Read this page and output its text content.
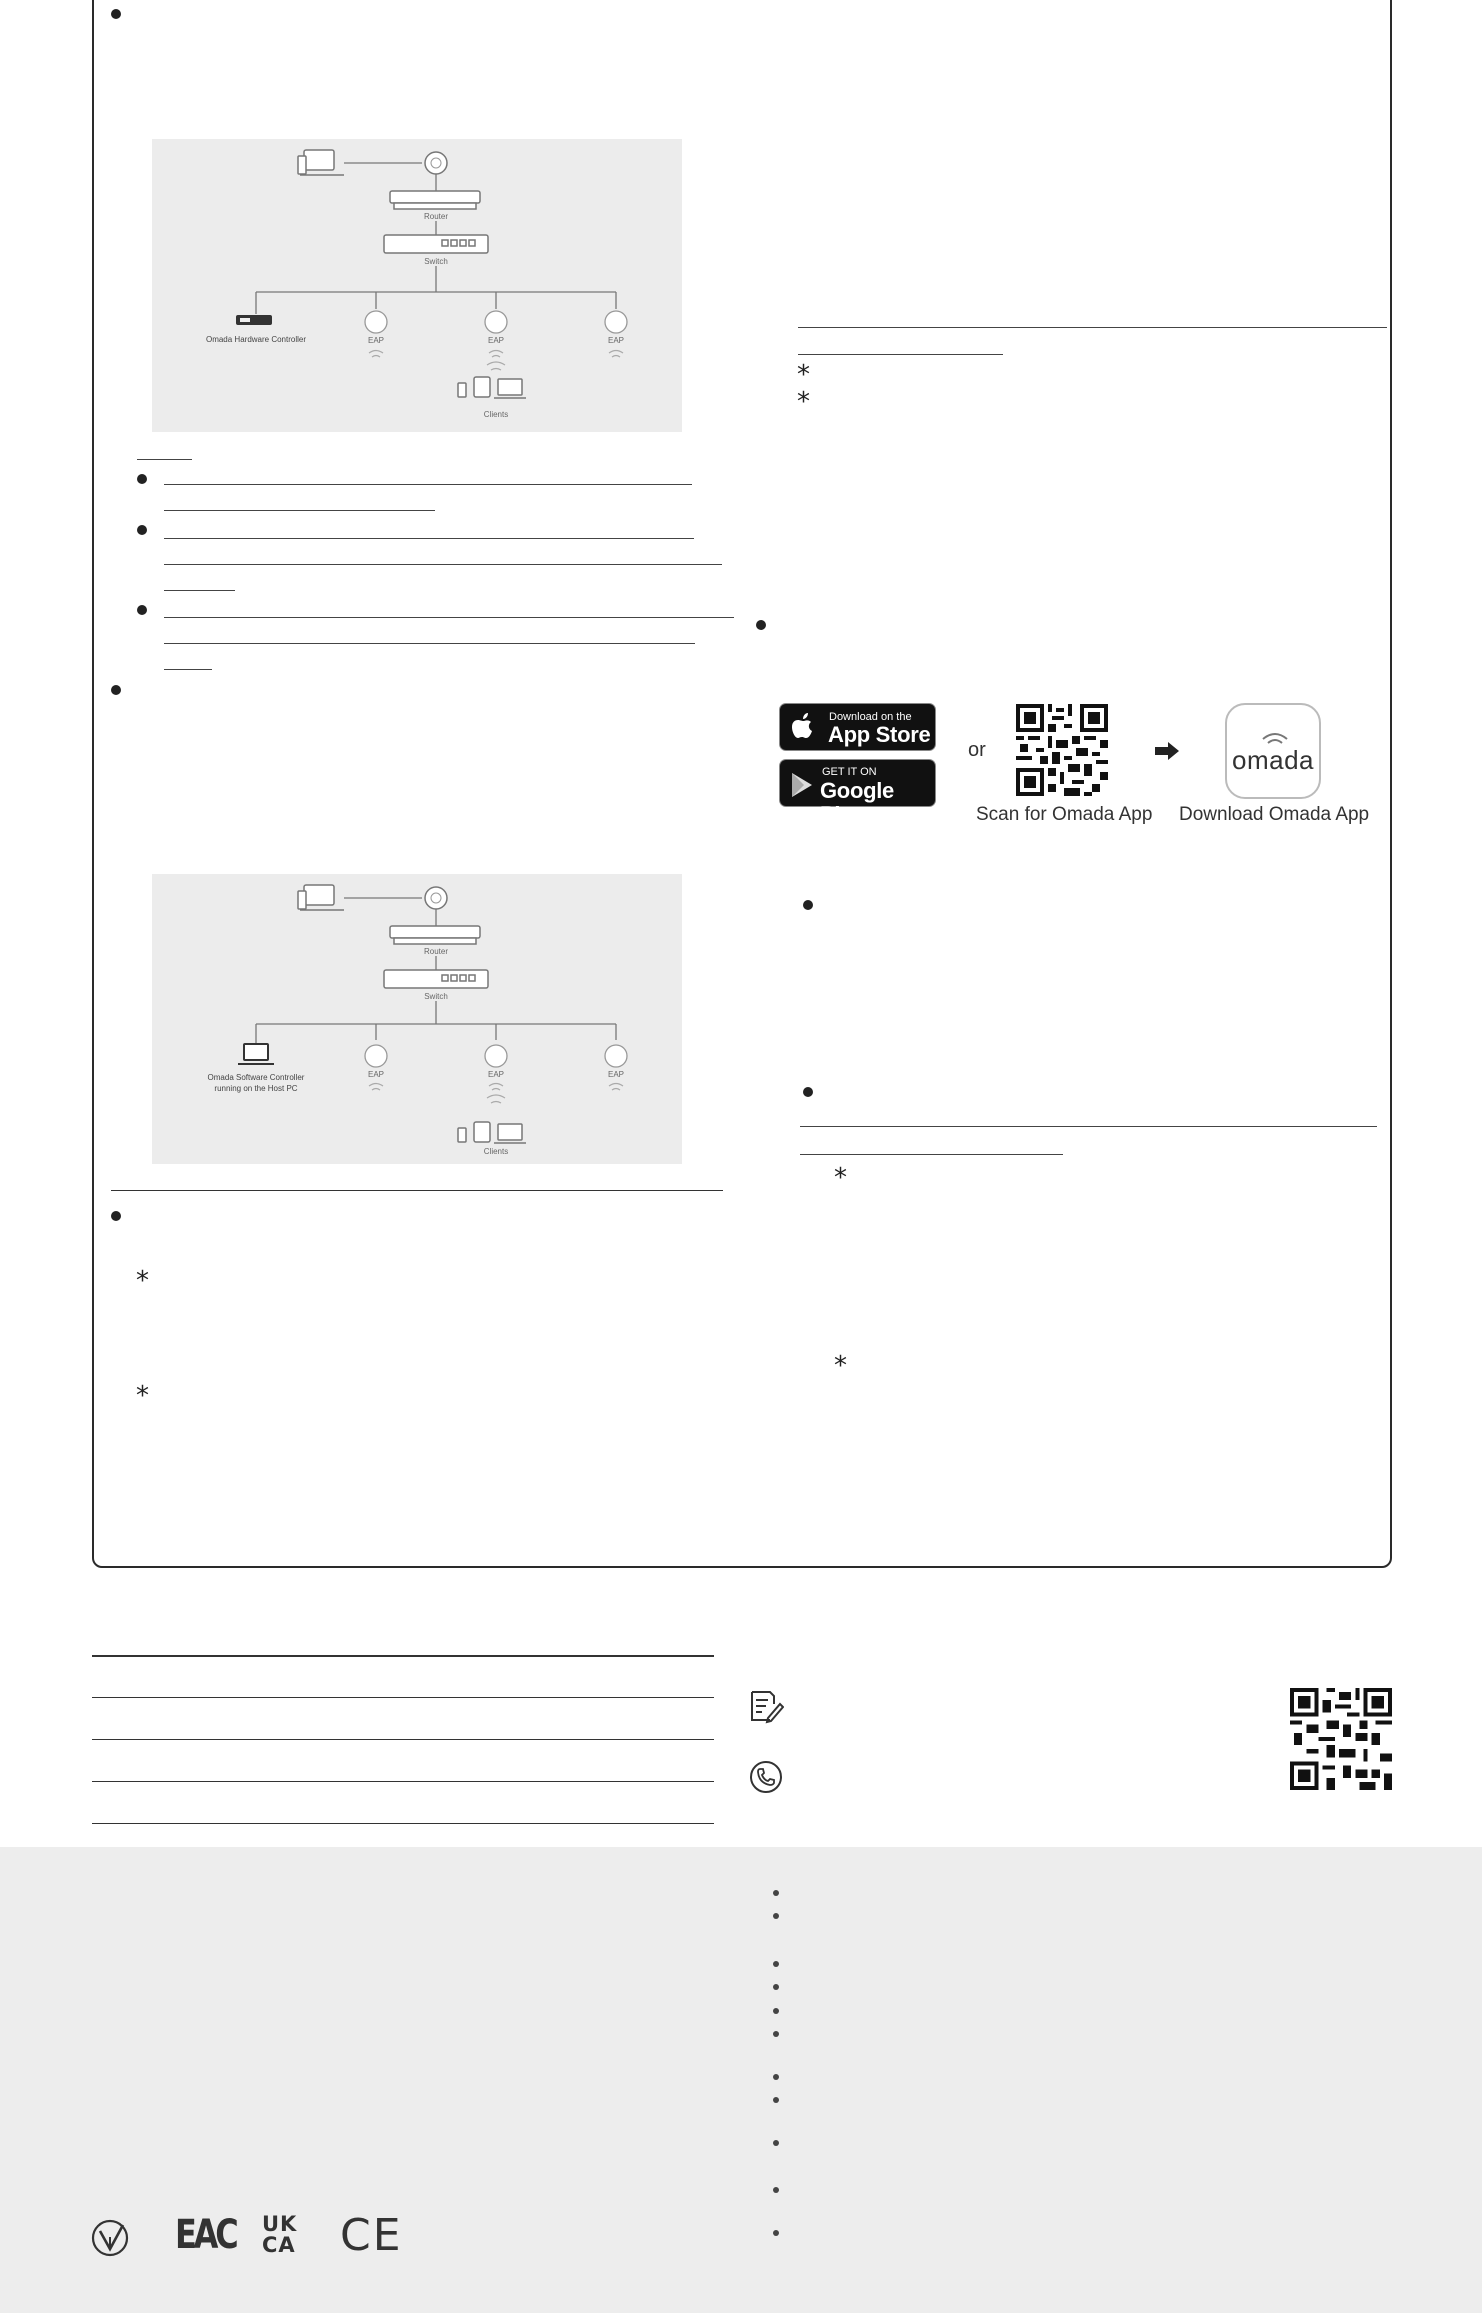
Router
Switch
Omada Hardware Controller	EAP	EAP	EAP
Clients
Router
Switch
Omada Software Controller
running on the Host PC
EAP	EAP	EAP
Clients
*
*
*
*
Download on the
App Store
GET IT ON
Google Play
or	omada
Scan for Omada App Download Omada App
*
*
EAC UK
CA CE
